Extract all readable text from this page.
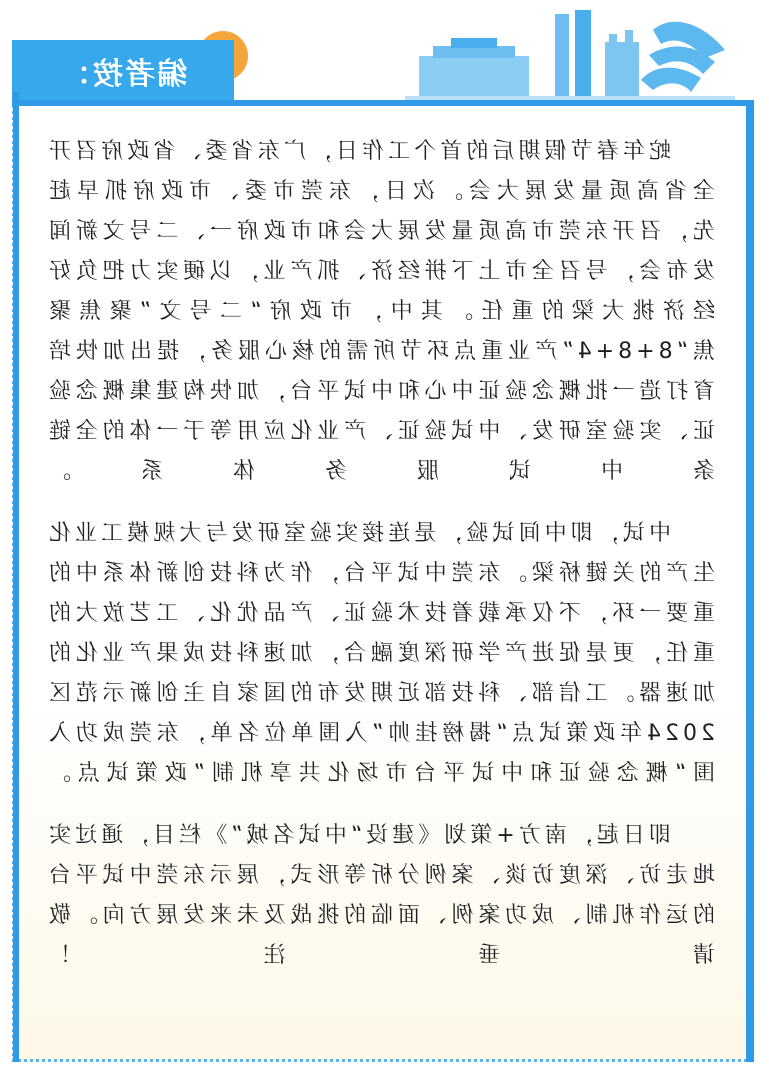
编者按：

蛇年春节假期后的首个工作日，广东省委、省政府召开全省高质量发展大会。次日，东莞市委、市政府抓早赶先，召开东莞市高质量发展大会和市政府一、二号文新闻发布会，号召全市上下拼经济、抓产业，以硬实力把负好经济挑大梁的重任。其中，市政府“二号文”聚焦聚焦“8+8+4”产业重点环节所需的核心服务，提出加快培育打造一批概念验证中心和中试平台，加快构建集概念验证、实验室研发、中试验证、产业化应用等于一体的全链条中试服务体系。

中试，即中间试验，是连接实验室研发与大规模工业化生产的关键桥梁。东莞中试平台，作为科技创新体系中的重要一环，不仅承载着技术验证、产品优化、工艺放大的重任，更是促进产学研深度融合，加速科技成果产业化的加速器。工信部、科技部近期发布的国家自主创新示范区2024年政策试点“揭榜挂帅”入围单位名单，东莞成功入围“概念验证和中试平台市场化共享机制”政策试点。

即日起，南方+策划《建设“中试名城”》栏目，通过实地走访、深度访谈、案例分析等形式，展示东莞中试平台的运作机制、成功案例、面临的挑战及未来发展方向。敬请垂注！
